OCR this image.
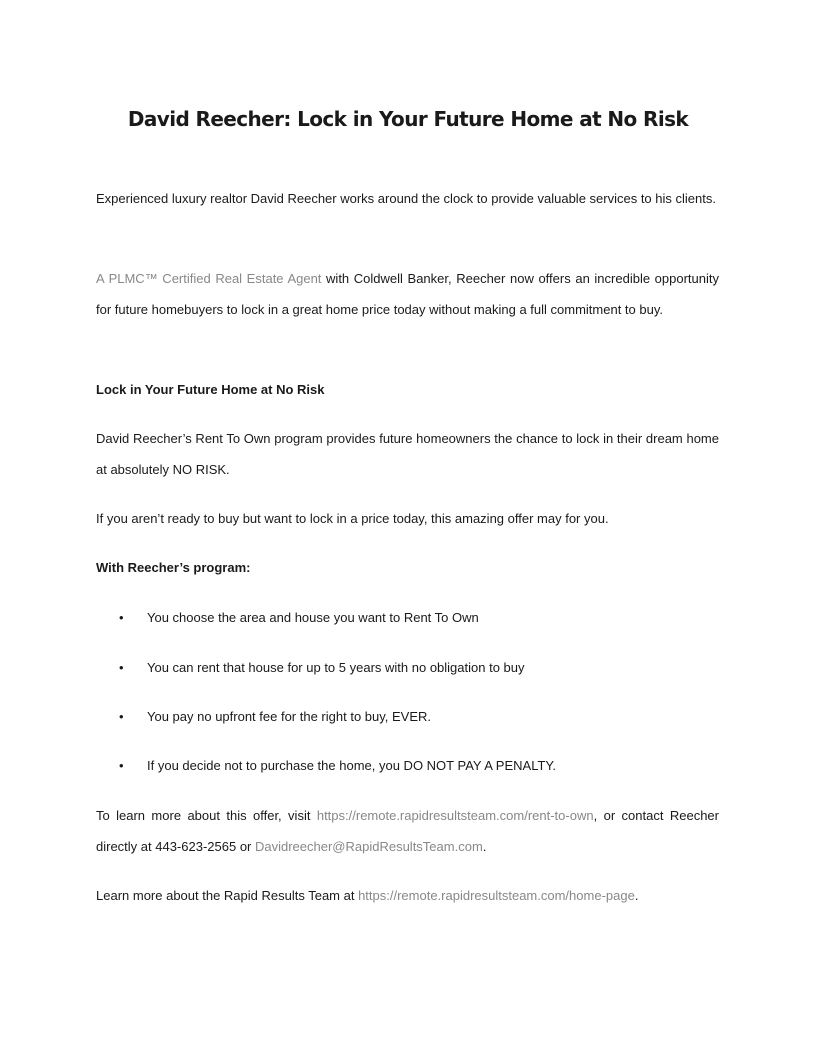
David Reecher: Lock in Your Future Home at No Risk

Experienced luxury realtor David Reecher works around the clock to provide valuable services to his clients.

A PLMC™ Certified Real Estate Agent with Coldwell Banker, Reecher now offers an incredible opportunity for future homebuyers to lock in a great home price today without making a full commitment to buy.

Lock in Your Future Home at No Risk

David Reecher’s Rent To Own program provides future homeowners the chance to lock in their dream home at absolutely NO RISK.

If you aren’t ready to buy but want to lock in a price today, this amazing offer may for you.

With Reecher’s program:

• You choose the area and house you want to Rent To Own
• You can rent that house for up to 5 years with no obligation to buy
• You pay no upfront fee for the right to buy, EVER.
• If you decide not to purchase the home, you DO NOT PAY A PENALTY.

To learn more about this offer, visit https://remote.rapidresultsteam.com/rent-to-own, or contact Reecher directly at 443-623-2565 or Davidreecher@RapidResultsTeam.com.

Learn more about the Rapid Results Team at https://remote.rapidresultsteam.com/home-page.
